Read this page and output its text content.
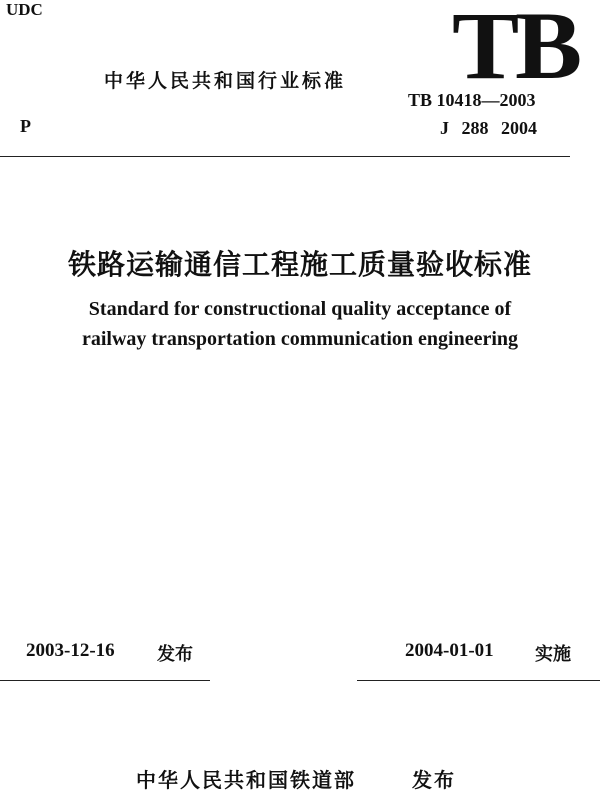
UDC
中华人民共和国行业标准
P
TB
TB 10418—2003
J 288 2004
铁路运输通信工程施工质量验收标准
Standard for constructional quality acceptance of
railway transportation communication engineering
2003-12-16 发布	2004-01-01 实施
中华人民共和国铁道部	发布
